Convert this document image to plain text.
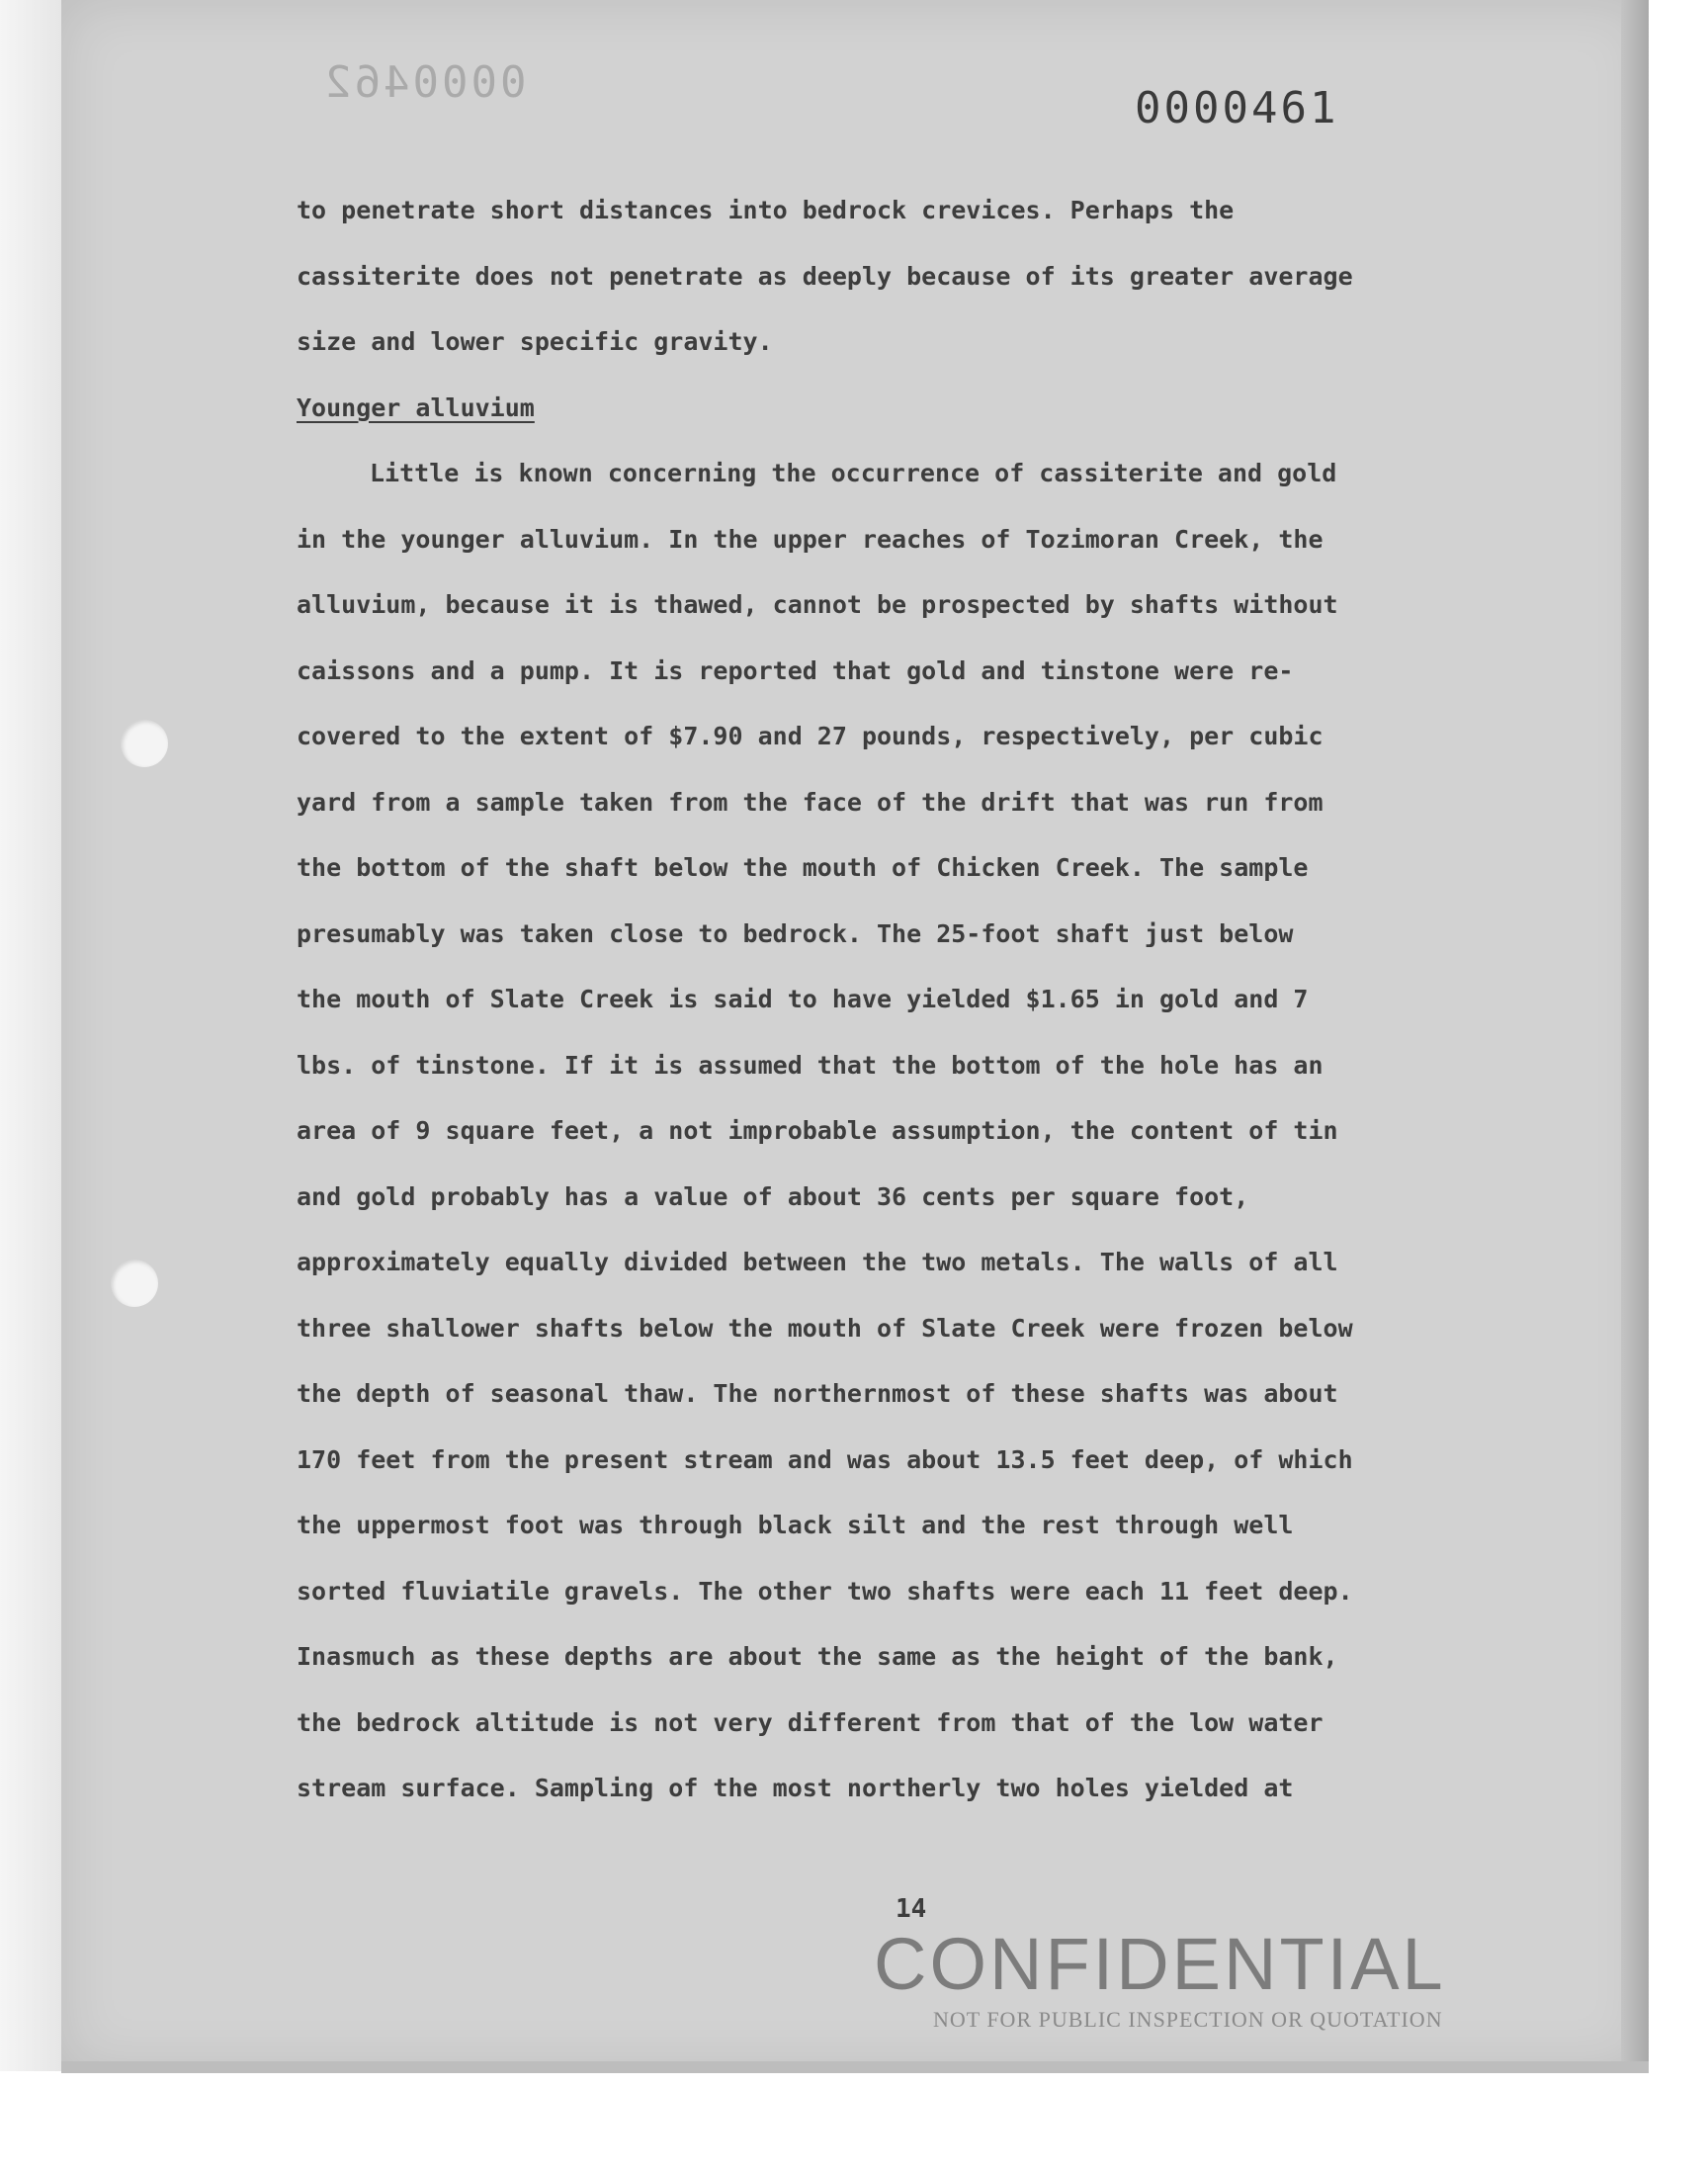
0000462
0000461
to penetrate short distances into bedrock crevices. Perhaps the
cassiterite does not penetrate as deeply because of its greater average
size and lower specific gravity.
Younger alluvium
Little is known concerning the occurrence of cassiterite and gold
in the younger alluvium. In the upper reaches of Tozimoran Creek, the
alluvium, because it is thawed, cannot be prospected by shafts without
caissons and a pump. It is reported that gold and tinstone were re-
covered to the extent of $7.90 and 27 pounds, respectively, per cubic
yard from a sample taken from the face of the drift that was run from
the bottom of the shaft below the mouth of Chicken Creek. The sample
presumably was taken close to bedrock. The 25-foot shaft just below
the mouth of Slate Creek is said to have yielded $1.65 in gold and 7
lbs. of tinstone. If it is assumed that the bottom of the hole has an
area of 9 square feet, a not improbable assumption, the content of tin
and gold probably has a value of about 36 cents per square foot,
approximately equally divided between the two metals. The walls of all
three shallower shafts below the mouth of Slate Creek were frozen below
the depth of seasonal thaw. The northernmost of these shafts was about
170 feet from the present stream and was about 13.5 feet deep, of which
the uppermost foot was through black silt and the rest through well
sorted fluviatile gravels. The other two shafts were each 11 feet deep.
Inasmuch as these depths are about the same as the height of the bank,
the bedrock altitude is not very different from that of the low water
stream surface. Sampling of the most northerly two holes yielded at
14
CONFIDENTIAL
NOT FOR PUBLIC INSPECTION OR QUOTATION
